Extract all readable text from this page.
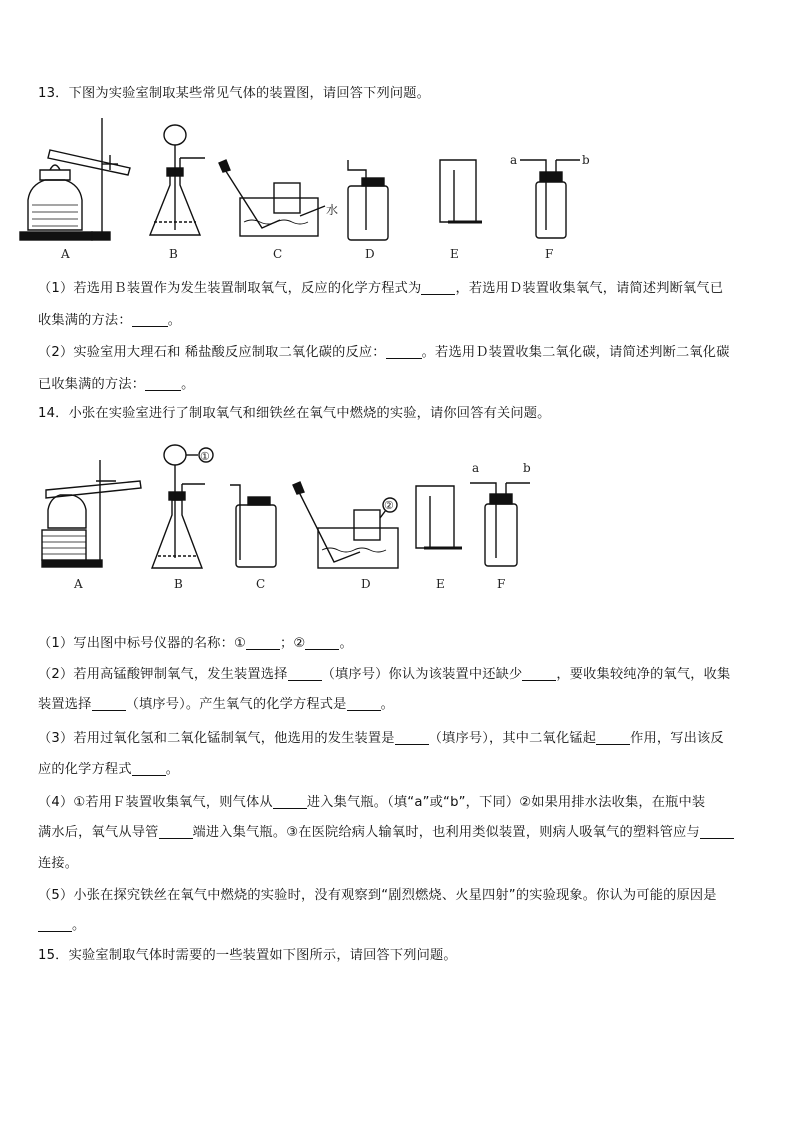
13．下图为实验室制取某些常见气体的装置图，请回答下列问题。
A	B	C	D	E	F
水
a	b
（1）若选用Ｂ装置作为发生装置制取氧气，反应的化学方程式为	，若选用Ｄ装置收集氧气，请简述判断氧气已
收集满的方法：	。
（2）实验室用大理石和 稀盐酸反应制取二氧化碳的反应：	。若选用Ｄ装置收集二氧化碳，请简述判断二氧化碳
已收集满的方法：	。
14．小张在实验室进行了制取氧气和细铁丝在氧气中燃烧的实验，请你回答有关问题。
A	B	C	D	E	F
①
②
a	b
（1）写出图中标号仪器的名称：①	；②	。
（2）若用高锰酸钾制氧气，发生装置选择	（填序号）你认为该装置中还缺少	，要收集较纯净的氧气，收集
装置选择	（填序号）。产生氧气的化学方程式是	。
（3）若用过氧化氢和二氧化锰制氧气，他选用的发生装置是	（填序号），其中二氧化锰起	作用，写出该反
应的化学方程式	。
（4）①若用Ｆ装置收集氧气，则气体从	进入集气瓶。（填“a”或“b”，下同）②如果用排水法收集，在瓶中装
满水后，氧气从导管	端进入集气瓶。③在医院给病人输氧时，也利用类似装置，则病人吸氧气的塑料管应与
连接。
（5）小张在探究铁丝在氧气中燃烧的实验时，没有观察到“剧烈燃烧、火星四射”的实验现象。你认为可能的原因是
。
15．实验室制取气体时需要的一些装置如下图所示，请回答下列问题。
